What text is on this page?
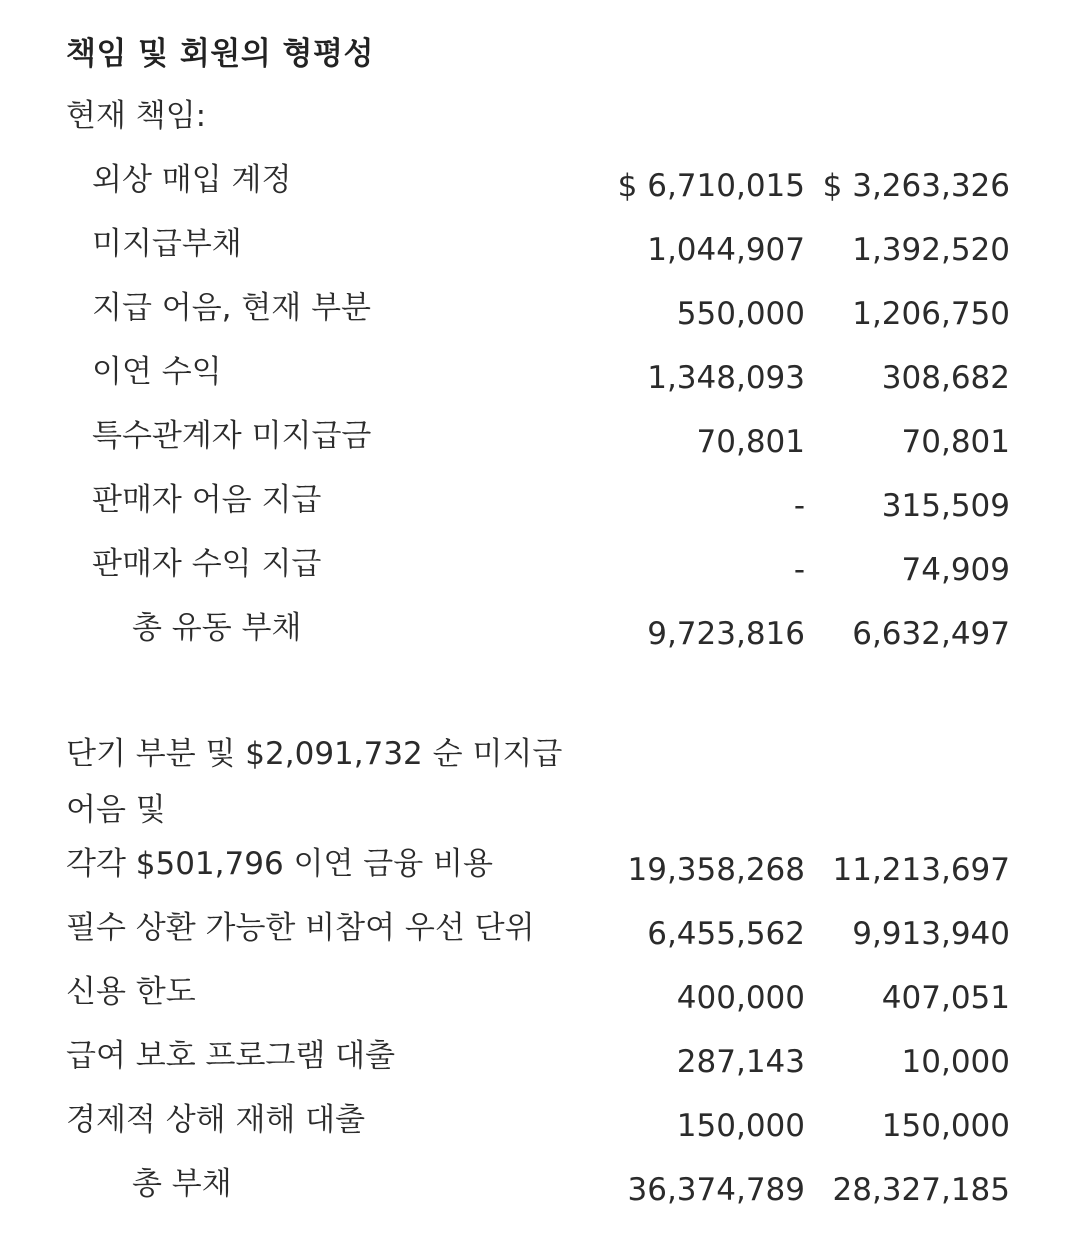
책임 및 회원의 형평성
현재 책임:
외상 매입 계정	$ 6,710,015 $ 3,263,326
미지급부채	1,044,907	1,392,520
지급 어음, 현재 부분	550,000	1,206,750
이연 수익	1,348,093	308,682
특수관계자 미지급금	70,801	70,801
판매자 어음 지급	-	315,509
판매자 수익 지급	-	74,909
총 유동 부채	9,723,816	6,632,497
단기 부분 및 $2,091,732 순 미지급 어음 및
각각 $501,796 이연 금융 비용	19,358,268 11,213,697
필수 상환 가능한 비참여 우선 단위	6,455,562	9,913,940
신용 한도	400,000	407,051
급여 보호 프로그램 대출	287,143	10,000
경제적 상해 재해 대출	150,000	150,000
총 부채	36,374,789 28,327,185
